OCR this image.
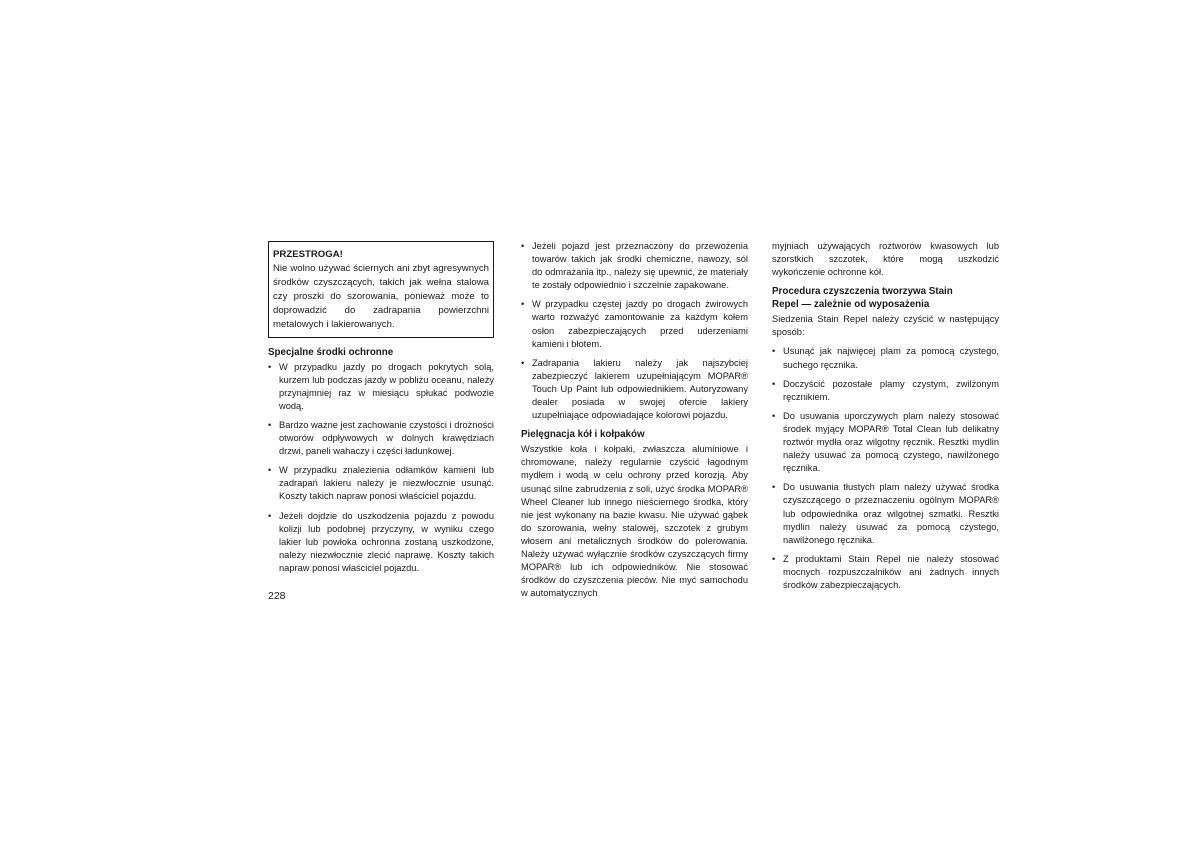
PRZESTROGA!
Nie wolno używać ściernych ani zbyt agresywnych środków czyszczących, takich jak wełna stalowa czy proszki do szorowania, ponieważ może to doprowadzić do zadrapania powierzchni metalowych i lakierowanych.
Specjalne środki ochronne
• W przypadku jazdy po drogach pokrytych solą, kurzem lub podczas jazdy w pobliżu oceanu, należy przynajmniej raz w miesiącu spłukać podwozie wodą.
• Bardzo ważne jest zachowanie czystości i drożności otworów odpływowych w dolnych krawędziach drzwi, paneli wahaczy i części ładunkowej.
• W przypadku znalezienia odłamków kamieni lub zadrapań lakieru należy je niezwłocznie usunąć. Koszty takich napraw ponosi właściciel pojazdu.
• Jeżeli dojdzie do uszkodzenia pojazdu z powodu kolizji lub podobnej przyczyny, w wyniku czego lakier lub powłoka ochronna zostaną uszkodzone, należy niezwłocznie zlecić naprawę. Koszty takich napraw ponosi właściciel pojazdu.
• Jeżeli pojazd jest przeznaczony do przewożenia towarów takich jak środki chemiczne, nawozy, sól do odmrażania itp., należy się upewnić, że materiały te zostały odpowiednio i szczelnie zapakowane.
• W przypadku częstej jazdy po drogach żwirowych warto rozważyć zamontowanie za każdym kołem osłon zabezpieczających przed uderzeniami kamieni i błotem.
• Zadrapania lakieru należy jak najszybciej zabezpieczyć lakierem uzupełniającym MOPAR® Touch Up Paint lub odpowiednikiem. Autoryzowany dealer posiada w swojej ofercie lakiery uzupełniające odpowiadające kolorowi pojazdu.
Pielęgnacja kół i kołpaków

Wszystkie koła i kołpaki, zwłaszcza aluminiowe i chromowane, należy regularnie czyścić łagodnym mydłem i wodą w celu ochrony przed korozją. Aby usunąć silne zabrudzenia z soli, użyć środka MOPAR® Wheel Cleaner lub innego nieściernego środka, który nie jest wykonany na bazie kwasu. Nie używać gąbek do szorowania, wełny stalowej, szczotek z grubym włosem ani metalicznych środków do polerowania. Należy używać wyłącznie środków czyszczących firmy MOPAR® lub ich odpowiedników. Nie stosować środków do czyszczenia pieców. Nie myć samochodu w automatycznych

myjniach używających roztworów kwasowych lub szorstkich szczotek, które mogą uszkodzić wykończenie ochronne kół.

Procedura czyszczenia tworzywa Stain
Repel — zależnie od wyposażenia

Siedzenia Stain Repel należy czyścić w następujący sposób:

• Usunąć jak najwięcej plam za pomocą czystego, suchego ręcznika.
• Doczyścić pozostałe plamy czystym, zwilżonym ręcznikiem.
• Do usuwania uporczywych plam należy stosować środek myjący MOPAR® Total Clean lub delikatny roztwór mydła oraz wilgotny ręcznik. Resztki mydlin należy usuwać za pomocą czystego, nawilżonego ręcznika.
• Do usuwania tłustych plam należy używać środka czyszczącego o przeznaczeniu ogólnym MOPAR® lub odpowiednika oraz wilgotnej szmatki. Resztki mydlin należy usuwać za pomocą czystego, nawilżonego ręcznika.
• Z produktami Stain Repel nie należy stosować mocnych rozpuszczalników ani żadnych innych środków zabezpieczających.
228
